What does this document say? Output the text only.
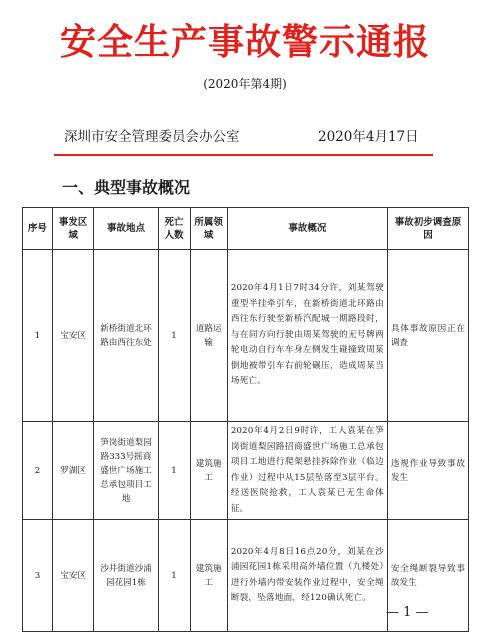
安全生产事故警示通报
(2020年第4期)
深圳市安全管理委员会办公室	2020年4月17日
一、典型事故概况
序号	事发区域	事故地点	死亡人数	所属领域	事故概况	事故初步调查原因
1	宝安区	新桥街道北环路由西往东处	1	道路运输	2020年4月1日7时34分许，刘某驾驶重型半挂牵引车，在新桥街道北环路由西往东行驶至新桥汽配城一期路段时，与在同方向行驶由周某驾驶的无号牌两轮电动自行车车身左侧发生碰撞致周某倒地被带引车右前轮碾压，造成周某当场死亡。	具体事故原因正在调查
2	罗湖区	笋岗街道梨园路333号摇商盛世广场施工总承包项目工地	1	建筑施工	2020年4月2日9时许，工人袁某在笋岗街道梨园路招商盛世广场施工总承包项目工地进行爬架悬挂拆除作业（临边作业）过程中从15层坠落至3层平台。经送医院抢救，工人袁某已无生命体征。	违规作业导致事故发生
3	宝安区	沙井街道沙浦园花园1栋	1	建筑施工	2020年4月8日16点20分，刘某在沙浦园花园1栋采用高外墙位置（九楼处）进行外墙内带安装作业过程中，安全绳断裂，坠落地面，经120确认死亡。	安全绳断裂导致事故发生
— 1 —
